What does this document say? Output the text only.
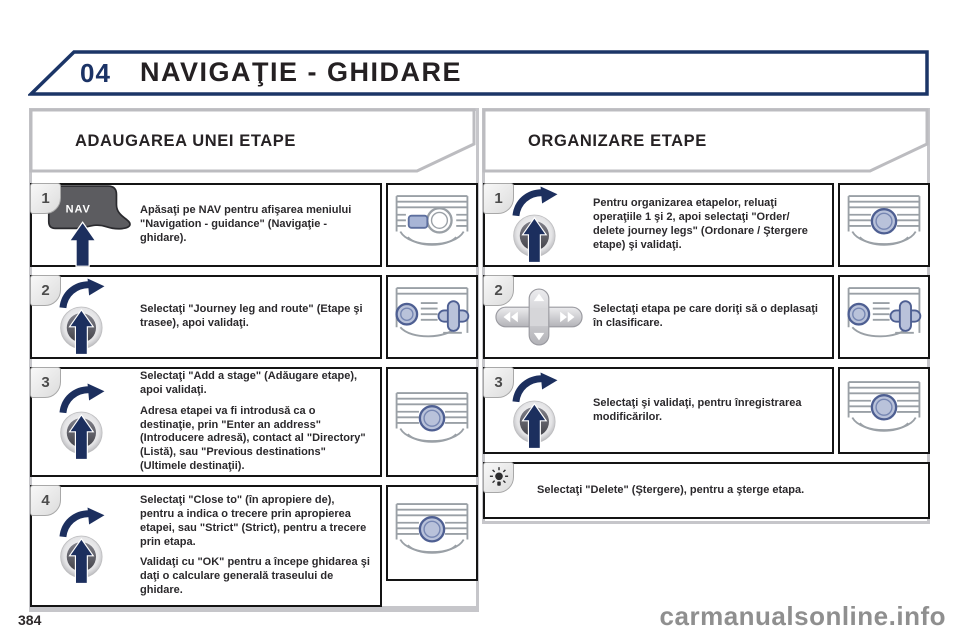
04 NAVIGAŢIE - GHIDARE
ADAUGAREA UNEI ETAPE	ORGANIZARE ETAPE
1

Apăsaţi pe NAV pentru afişarea meniului "Navigation - guidance" (Navigaţie - ghidare).

2

Selectaţi "Journey leg and route" (Etape şi trasee), apoi validaţi.

3	Selectaţi "Add a stage" (Adăugare etape), apoi validaţi.

Adresa etapei va fi introdusă ca o destinaţie, prin "Enter an address" (Introducere adresă), contact al "Directory" (Listă), sau "Previous destinations" (Ultimele destinaţii).

4	Selectaţi "Close to" (în apropiere de), pentru a indica o trecere prin apropierea etapei, sau "Strict" (Strict), pentru a trecere prin etapa.

Validaţi cu "OK" pentru a începe ghidarea şi daţi o calculare generală traseului de ghidare.

1	Pentru organizarea etapelor, reluaţi operaţiile 1 şi 2, apoi selectaţi "Order/ delete journey legs" (Ordonare / Ştergere etape) şi validaţi.

2

Selectaţi etapa pe care doriţi să o deplasaţi în clasificare.

3

Selectaţi şi validaţi, pentru înregistrarea modificărilor.

Selectaţi "Delete" (Ştergere), pentru a şterge etapa.
384	carmanualsonline.info
